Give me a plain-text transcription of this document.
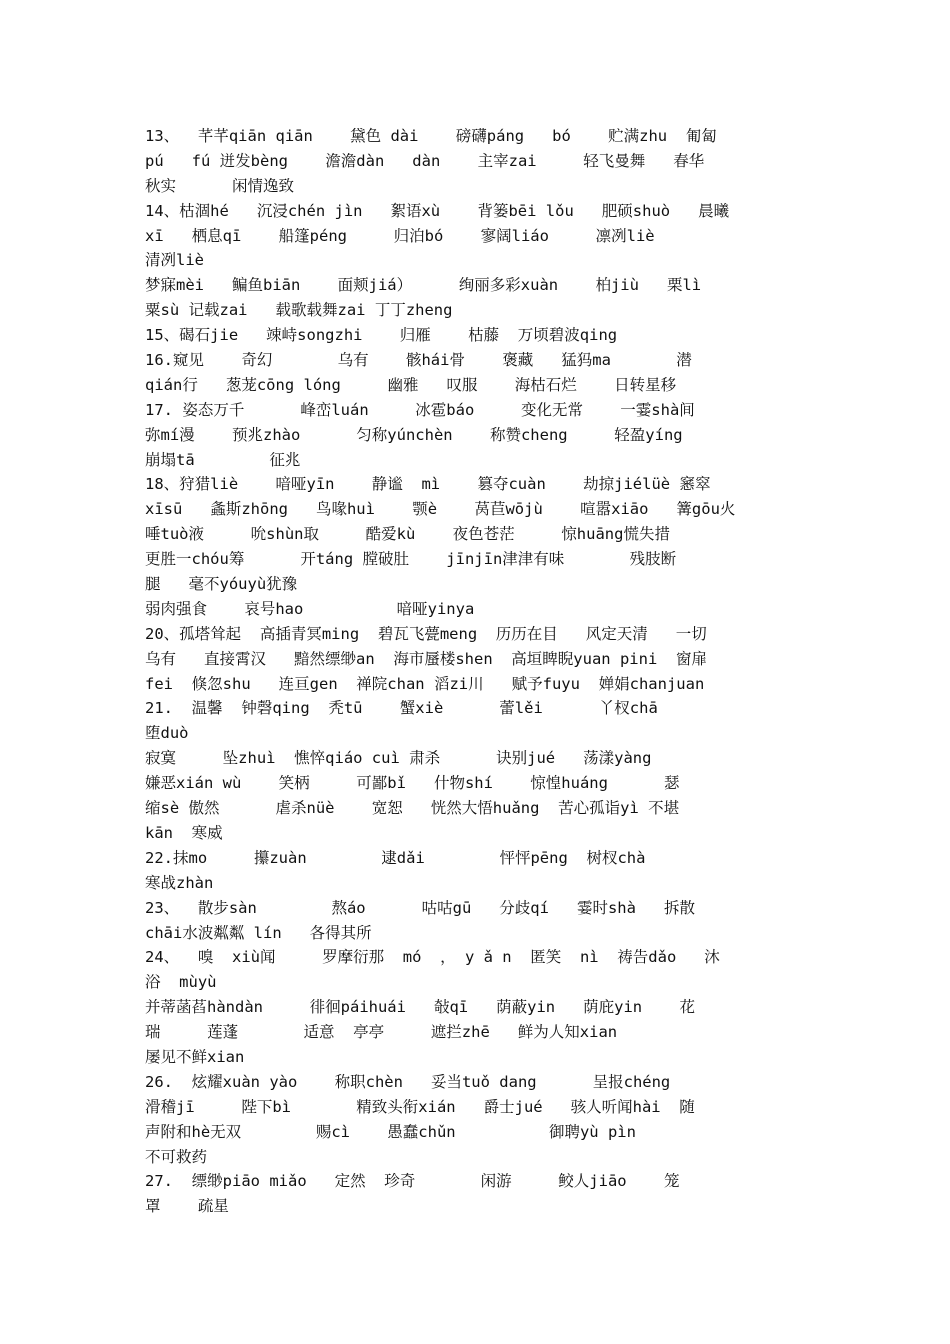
13、  芊芊qiān qiān    黛色 dài    磅礴páng   bó    贮满zhu  匍匐
pú   fú 迸发bèng    澹澹dàn   dàn    主宰zai     轻飞曼舞   春华
秋实      闲情逸致
14、枯涸hé   沉浸chén jìn   絮语xù    背篓bēi lǒu   肥硕shuò   晨曦
xī   栖息qī    船篷péng     归泊bó    寥阔liáo     凛冽liè
清冽liè
梦寐mèi   鳊鱼biān    面颊jiá）     绚丽多彩xuàn    柏jiù   栗lì
粟sù 记载zai   载歌载舞zai 丁丁zheng
15、碣石jie   竦峙songzhi    归雁    枯藤  万顷碧波qing
16.窥见    奇幻       乌有    骸hái骨    褒藏   猛犸ma       潜
qián行   葱茏cōng lóng     幽雅   叹服    海枯石烂    日转星移
17. 姿态万千      峰峦luán     冰雹báo     变化无常    一霎shà间
弥mí漫    预兆zhào      匀称yúnchèn    称赞cheng     轻盈yíng
崩塌tā        征兆
18、狩猎liè    喑哑yīn    静谧  mì    篡夺cuàn    劫掠jiélüè 窸窣
xīsū   螽斯zhōng   鸟喙huì    颚è    莴苣wōjù    喧嚣xiāo   篝gōu火
唾tuò液     吮shùn取     酷爱kù    夜色苍茫     惊huāng慌失措
更胜一chóu筹      开táng 膛破肚    jīnjīn津津有味       残肢断
腿   毫不yóuyù犹豫
弱肉强食    哀号hao          喑哑yinya
20、孤塔耸起  高插青冥ming  碧瓦飞甍meng  历历在目   风定天清   一切
乌有   直接霄汉   黯然缥缈an  海市蜃楼shen  高垣睥睨yuan pini  窗扉
fei  倏忽shu   连亘gen  禅院chan 滔zi川   赋予fuyu  婵娟chanjuan
21.  温馨  钟磬qing  秃tū    蟹xiè      蕾lěi      丫杈chā
堕duò
寂寞     坠zhuì  憔悴qiáo cuì 肃杀      诀别jué   荡漾yàng
嫌恶xián wù    笑柄     可鄙bǐ   什物shí    惊惶huáng      瑟
缩sè 傲然      虐杀nüè    宽恕   恍然大悟huǎng  苦心孤诣yì 不堪
kān  寒威
22.抹mo     攥zuàn        逮dǎi        怦怦pēng  树杈chà
寒战zhàn
23、  散步sàn        熬áo      咕咕gū   分歧qí   霎时shà   拆散
chāi水波粼粼 lín   各得其所
24、  嗅  xiù闻     罗摩衍那  mó  ， y ǎ n  匿笑  nì  祷告dǎo   沐
浴  mùyù
并蒂菡萏hàndàn     徘徊páihuái   敧qī   荫蔽yin   荫庇yin    花
瑞     莲蓬       适意  亭亭     遮拦zhē   鲜为人知xian
屡见不鲜xian
26.  炫耀xuàn yào    称职chèn   妥当tuǒ dang      呈报chéng
滑稽jī     陛下bì       精致头衔xián   爵士jué   骇人听闻hài  随
声附和hè无双        赐cì    愚蠢chǔn          御聘yù pìn
不可救药
27.  缥缈piāo miǎo   定然  珍奇       闲游     鲛人jiāo    笼
罩    疏星
